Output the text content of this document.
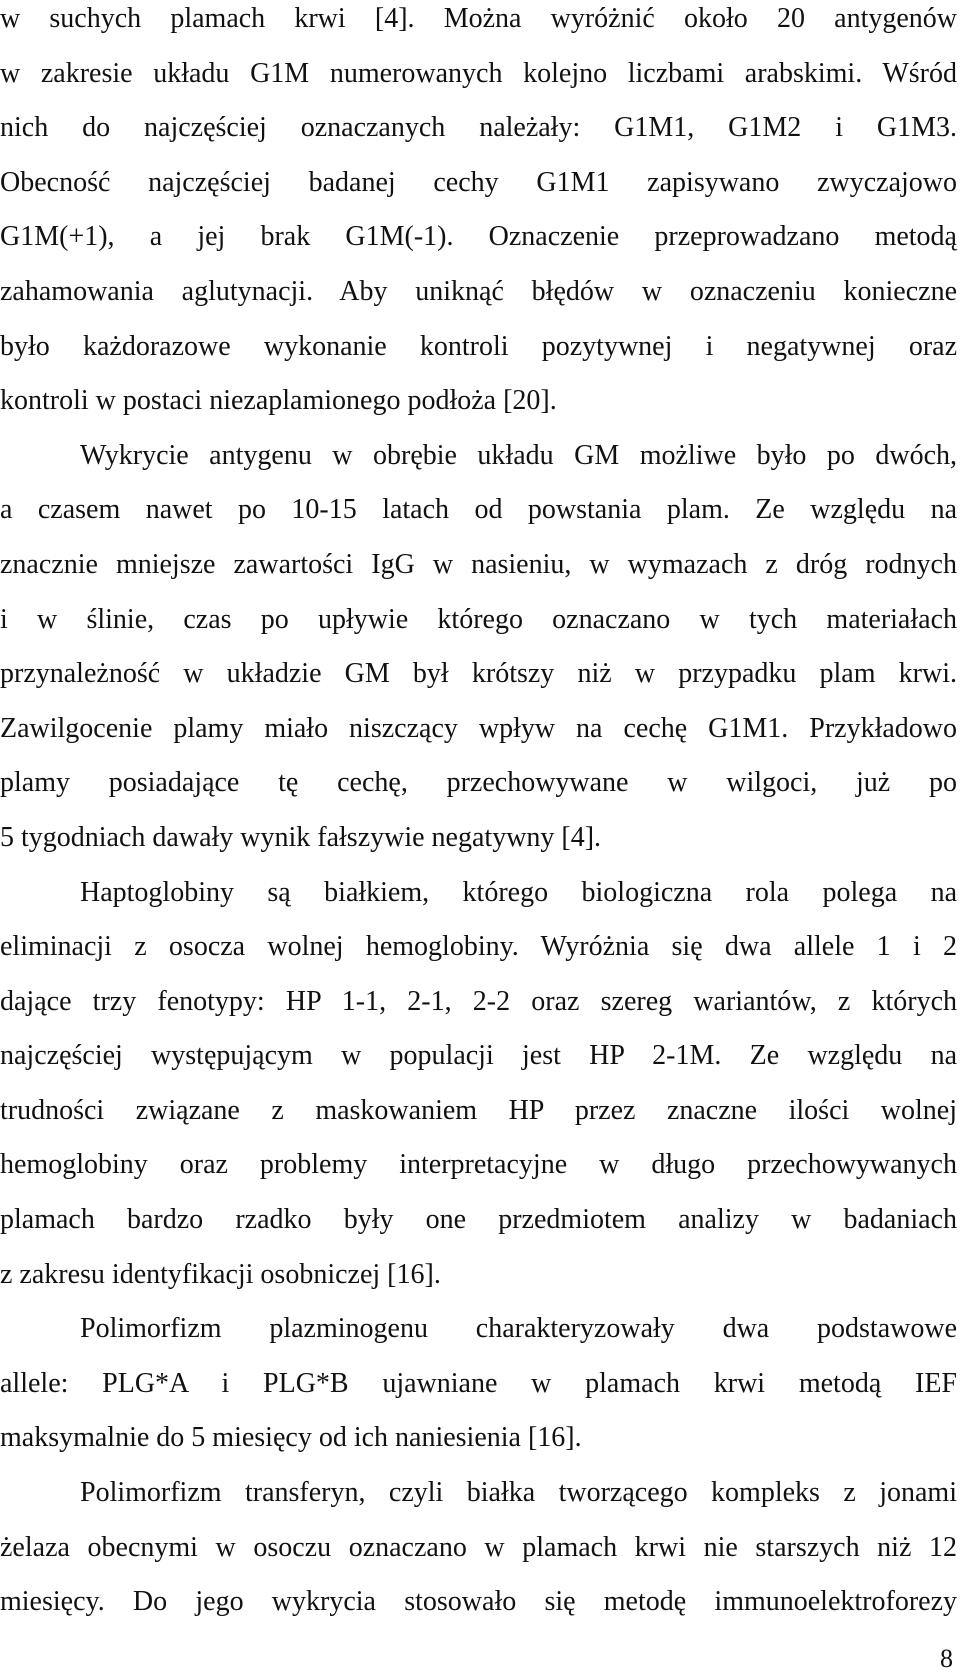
w suchych plamach krwi [4]. Można wyróżnić około 20 antygenów
w zakresie układu G1M numerowanych kolejno liczbami arabskimi. Wśród
nich do najczęściej oznaczanych należały: G1M1, G1M2 i G1M3.
Obecność najczęściej badanej cechy G1M1 zapisywano zwyczajowo
G1M(+1), a jej brak G1M(-1). Oznaczenie przeprowadzano metodą
zahamowania aglutynacji. Aby uniknąć błędów w oznaczeniu konieczne
było każdorazowe wykonanie kontroli pozytywnej i negatywnej oraz
kontroli w postaci niezaplamionego podłoża [20].
Wykrycie antygenu w obrębie układu GM możliwe było po dwóch,
a czasem nawet po 10-15 latach od powstania plam. Ze względu na
znacznie mniejsze zawartości IgG w nasieniu, w wymazach z dróg rodnych
i w ślinie, czas po upływie którego oznaczano w tych materiałach
przynależność w układzie GM był krótszy niż w przypadku plam krwi.
Zawilgocenie plamy miało niszczący wpływ na cechę G1M1. Przykładowo
plamy posiadające tę cechę, przechowywane w wilgoci, już po
5 tygodniach dawały wynik fałszywie negatywny [4].
Haptoglobiny są białkiem, którego biologiczna rola polega na
eliminacji z osocza wolnej hemoglobiny. Wyróżnia się dwa allele 1 i 2
dające trzy fenotypy: HP 1-1, 2-1, 2-2 oraz szereg wariantów, z których
najczęściej występującym w populacji jest HP 2-1M. Ze względu na
trudności związane z maskowaniem HP przez znaczne ilości wolnej
hemoglobiny oraz problemy interpretacyjne w długo przechowywanych
plamach bardzo rzadko były one przedmiotem analizy w badaniach
z zakresu identyfikacji osobniczej [16].
Polimorfizm plazminogenu charakteryzowały dwa podstawowe
allele: PLG*A i PLG*B ujawniane w plamach krwi metodą IEF
maksymalnie do 5 miesięcy od ich naniesienia [16].
Polimorfizm transferyn, czyli białka tworzącego kompleks z jonami
żelaza obecnymi w osoczu oznaczano w plamach krwi nie starszych niż 12
miesięcy. Do jego wykrycia stosowało się metodę immunoelektroforezy
8
